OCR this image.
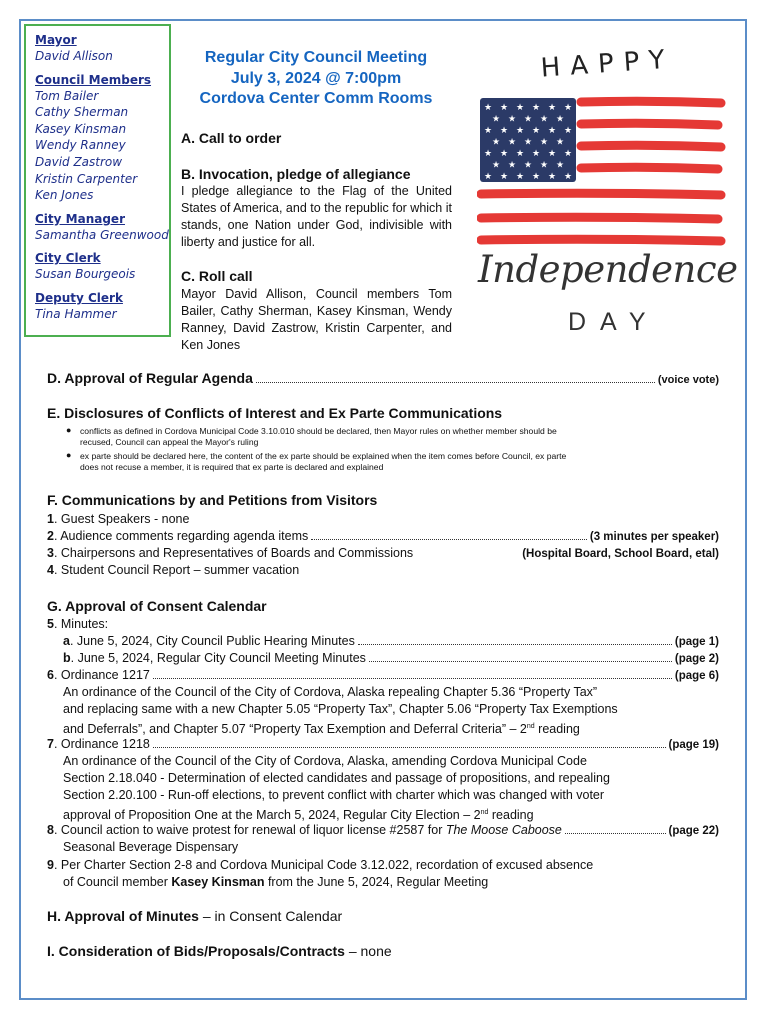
Mayor
David Allison
Council Members
Tom Bailer
Cathy Sherman
Kasey Kinsman
Wendy Ranney
David Zastrow
Kristin Carpenter
Ken Jones
City Manager
Samantha Greenwood
City Clerk
Susan Bourgeois
Deputy Clerk
Tina Hammer
Regular City Council Meeting
July 3, 2024 @ 7:00pm
Cordova Center Comm Rooms
HAPPY
★ ★ ★ ★ ★ ★
★ ★ ★ ★ ★
★ ★ ★ ★ ★ ★
★ ★ ★ ★ ★
★ ★ ★ ★ ★ ★
★ ★ ★ ★ ★
★ ★ ★ ★ ★ ★
Independence
DAY
A. Call to order
B. Invocation, pledge of allegiance
I pledge allegiance to the Flag of the United States of America, and to the republic for which it stands, one Nation under God, indivisible with liberty and justice for all.
C. Roll call
Mayor David Allison, Council members Tom Bailer, Cathy Sherman, Kasey Kinsman, Wendy Ranney, David Zastrow, Kristin Carpenter, and Ken Jones
D. Approval of Regular Agenda	(voice vote)
E. Disclosures of Conflicts of Interest and Ex Parte Communications
● conflicts as defined in Cordova Municipal Code 3.10.010 should be declared, then Mayor rules on whether member should be
recused, Council can appeal the Mayor's ruling
● ex parte should be declared here, the content of the ex parte should be explained when the item comes before Council, ex parte
does not recuse a member, it is required that ex parte is declared and explained
F. Communications by and Petitions from Visitors
1. Guest Speakers - none
2. Audience comments regarding agenda items	(3 minutes per speaker)
3. Chairpersons and Representatives of Boards and Commissions	(Hospital Board, School Board, etal)
4. Student Council Report – summer vacation
G. Approval of Consent Calendar
5. Minutes:
a. June 5, 2024, City Council Public Hearing Minutes	(page 1)
b. June 5, 2024, Regular City Council Meeting Minutes	(page 2)
6. Ordinance 1217	(page 6)
An ordinance of the Council of the City of Cordova, Alaska repealing Chapter 5.36 “Property Tax”
and replacing same with a new Chapter 5.05 “Property Tax”, Chapter 5.06 “Property Tax Exemptions
and Deferrals”, and Chapter 5.07 “Property Tax Exemption and Deferral Criteria” – 2nd reading
7. Ordinance 1218	(page 19)
An ordinance of the Council of the City of Cordova, Alaska, amending Cordova Municipal Code
Section 2.18.040 - Determination of elected candidates and passage of propositions, and repealing
Section 2.20.100 - Run-off elections, to prevent conflict with charter which was changed with voter
approval of Proposition One at the March 5, 2024, Regular City Election – 2nd reading
8. Council action to waive protest for renewal of liquor license #2587 for The Moose Caboose	(page 22)
Seasonal Beverage Dispensary
9. Per Charter Section 2-8 and Cordova Municipal Code 3.12.022, recordation of excused absence
of Council member Kasey Kinsman from the June 5, 2024, Regular Meeting
H. Approval of Minutes – in Consent Calendar
I. Consideration of Bids/Proposals/Contracts – none
